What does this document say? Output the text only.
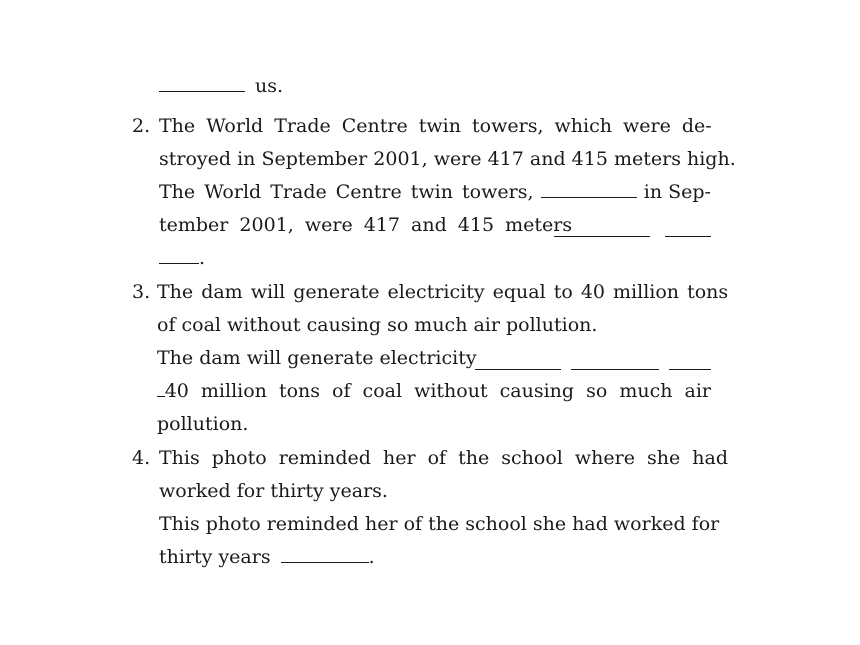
us.
2. The World Trade Centre twin towers, which were de-
stroyed in September 2001, were 417 and 415 meters high.
The World Trade Centre twin towers,	in Sep-
tember 2001, were 417 and 415 meters
.
3. The dam will generate electricity equal to 40 million tons
of coal without causing so much air pollution.
The dam will generate electricity
40 million tons of coal without causing so much air
pollution.
4. This photo reminded her of the school where she had
worked for thirty years.
This photo reminded her of the school she had worked for
thirty years	.
